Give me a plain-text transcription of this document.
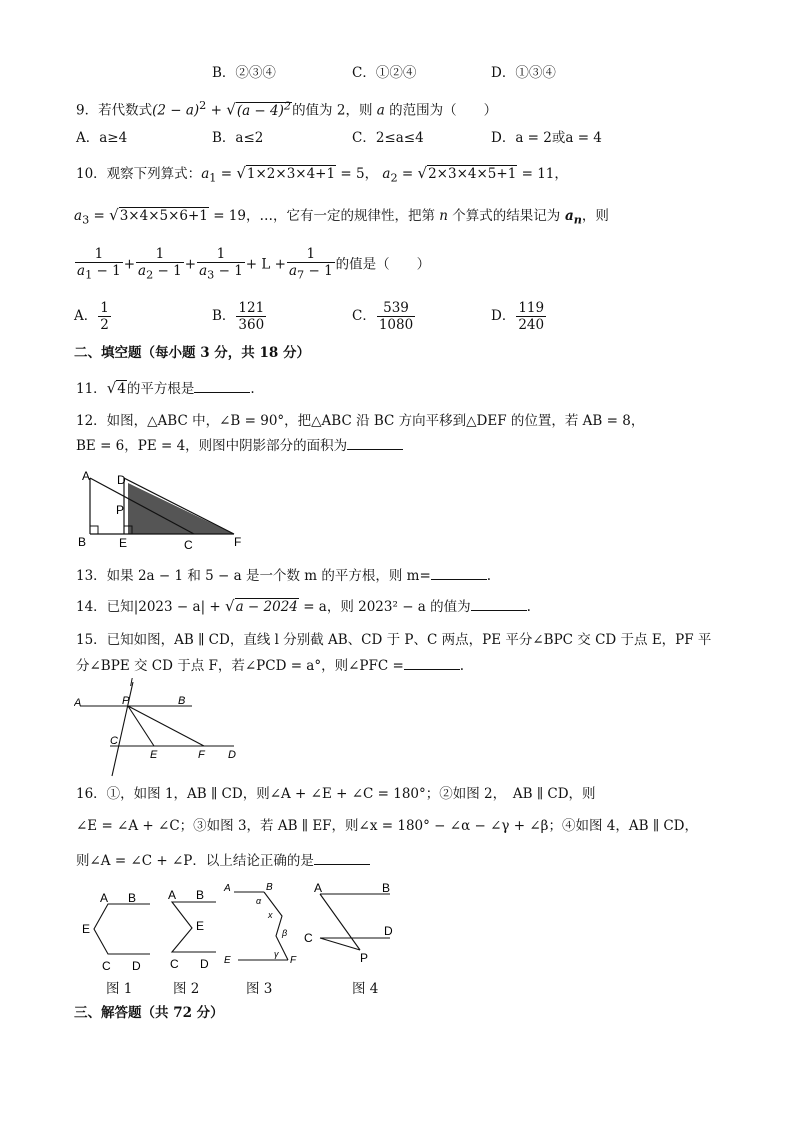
B．②③④	C．①②④	D．①③④
9．若代数式$(2 - a)^2 + √(a - 4)^2$的值为 2，则 a 的范围为（　　）
A．a≥4	B．a≤2	C．2≤a≤4	D．a = 2或a = 4
10．观察下列算式：$a_1 = √1\times 2\times 3\times 4+1 = 5$， $a_2 = √2\times 3\times 4\times 5+1 = 11$，
$a_3 = √3\times 4\times 5\times 6+1 = 19$，…，它有一定的规律性，把第 n 个算式的结果记为 $a_n$，则
$\frac{1}{a_1 - 1} + \frac{1}{a_2 - 1} + \frac{1}{a_3 - 1} + L + \frac{1}{a_7 - 1}$ 的值是（　　）
A． $\frac{1}{2}$	B． $\frac{121}{360}$	C． $\frac{539}{1080}$	D． $\frac{119}{240}$
二、填空题（每小题 3 分，共 18 分）
11．√4的平方根是	.
12．如图，△ABC 中，∠B = 90°，把△ABC 沿 BC 方向平移到△DEF 的位置，若 AB = 8，
BE = 6，PE = 4，则图中阴影部分的面积为
A D
P
B	E	C	F
13．如果 2a − 1 和 5 − a 是一个数 m 的平方根，则 m=	.
14．已知|2023 − a| + √a − 2024 = a，则 2023² − a 的值为	.
15．已知如图，AB ∥ CD，直线 l 分别截 AB、CD 于 P、C 两点，PE 平分∠BPC 交 CD 于点 E，PF 平
分∠BPE 交 CD 于点 F，若∠PCD = a°，则∠PFC =	.
l
A	P	B
C
E	F D
16．①，如图 1，AB ∥ CD，则∠A + ∠E + ∠C = 180°；②如图 2，　AB ∥ CD，则
∠E = ∠A + ∠C；③如图 3，若 AB ∥ EF，则∠x = 180° − ∠α − ∠γ + ∠β；④如图 4，AB ∥ CD，
则∠A = ∠C + ∠P．以上结论正确的是
A B
E
C D
A B
E
C D
A	B
α
x
β
γ
E	F
A	B
C	D
P
图 1	图 2	图 3	图 4
三、解答题（共 72 分）
